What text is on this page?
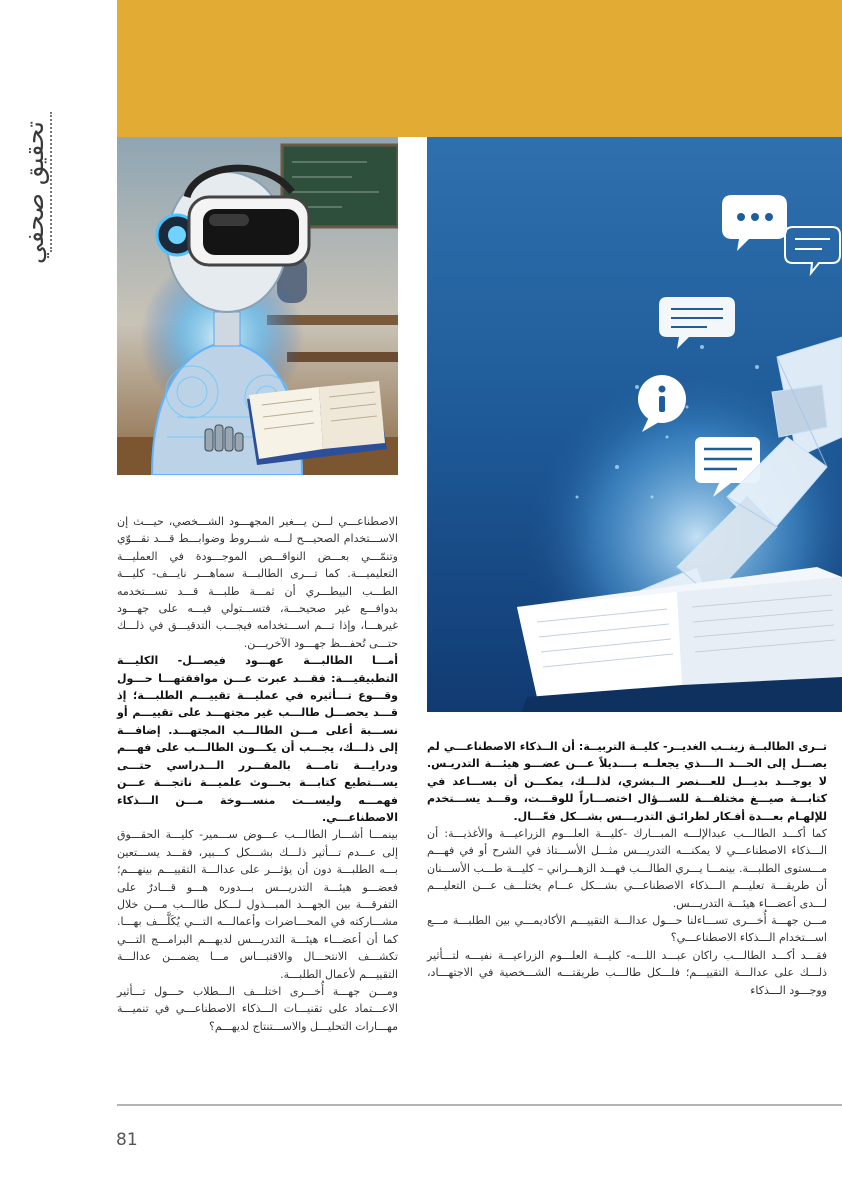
تحقيق صحفي

تــرى الطالبــة زينــب الغديــر- كليــة التربيــة: أن الــذكاء الاصطناعـــي لم يصـــل إلى الحـــد الــــذي يجعلــه بــــديلاً عـــن عضـــو هيئـــة التدريـس. لا يوجـــد بديـــل للعـــنصر الــبشري، لذلـــك، يمكـــن أن يســـاعد في كتابـــة صيـــغ مختلفـــة للســـؤال اختصـــاراً للوقـــت، وقـــد يســـتخدم للإلهـام بعـــدة أفـكار لطرائـق التدريـــس بشـــكل فعّـــال.

كما أكـــد الطالـــب عبدالإلـــه المبـــارك -كليـــة العلـــوم الزراعيـــة والأغذيـــة: أن الـــذكاء الاصطناعـــي لا يمكنـــه التدريـــس مثـــل الأســـتاذ في الشرح أو في فهـــم مـــستوى الطلبـــة. بينمـــا يـــري الطالـــب فهـــد الزهـــراني – كليـــة طـــب الأســـنان أن طريقـــة تعليـــم الـــذكاء الاصطناعـــي بشـــكل عـــام يختلـــف عـــن التعليـــم لـــدى أعضـــاء هيئـــة التدريـــس.

مـــن جهـــة أُخـــرى تســـاءلنا حـــول عدالـــة التقييـــم الأكاديمـــي بين الطلبـــة مـــع اســـتخدام الـــذكاء الاصطناعـــي؟

فقـــد أكـــد الطالـــب راكان عبـــد اللـــه- كليـــة العلـــوم الزراعيـــة نفيـــه لتـــأثير ذلـــك على عدالـــة التقييـــم؛ فلـــكل طالـــب طريقتـــه الشـــخصية في الاجتهـــاد، ووجـــود الـــذكاء

الاصطناعـــي لـــن يـــغير المجهـــود الشـــخصي، حيـــث إن الاســـتخدام الصحيـــح لـــه شـــروط وضوابـــط قـــد تقـــوّي وتنمّـــي بعـــض النواقـــص الموجـــودة في العمليـــة التعليميـــة. كما تـــرى الطالبـــة سماهـــر نايـــف- كليـــة الطـــب البيطـــري أن ثمـــة طلبـــة قـــد تســـتخدمه بدوافـــع غير صحيحـــة، فتســـتولي فيـــه على جهـــود غيرهـــا، وإذا تـــم اســـتخدامه فيجـــب التدقيـــق في ذلـــك حتـــى تُحفـــظ جهـــود الآخريـــن.

أمـــا الطالبـــة عهـــود فيصـــل- الكليـــة التطبيقيـــة: فقـــد عبرت عـــن موافقتهـــا حـــول وقـــوع تـــأثيره في عمليـــة تقييـــم الطلبـــة؛ إذ قـــد يحصـــل طالـــب غير مجتهـــد على تقييـــم أو نســـبة أعلى مـــن الطالـــب المجتهـــد. إضافـــة إلى ذلـــك، يجـــب أن يكـــون الطالـــب على فهـــم ودرايـــة تامـــة بالمقـــرر الـــدراسي حتـــى يســـتطيع كتابـــة بحـــوث علميـــة ناتجـــة عـــن فهمـــه وليســـت منســـوخة مـــن الـــذكاء الاصطناعـــي.

بينمـــا أشـــار الطالـــب عـــوض ســـمير- كليـــة الحقـــوق إلى عـــدم تـــأثير ذلـــك بشـــكل كـــبير، فقـــد يســـتعين بـــه الطلبـــة دون أن يؤثـــر على عدالـــة التقييـــم بينهـــم؛ فعضـــو هيئـــة التدريـــس بـــدوره هـــو قـــادرٌ على التفرقـــة بين الجهـــد المبـــذول لـــكل طالـــب مـــن خلال مشـــاركته في المحـــاضرات وأعمالـــه التـــي يُكَلَّـــف بهـــا. كما أن أعضـــاء هيئـــة التدريـــس لديهـــم البرامـــج التـــي تكشـــف الانتحـــال والاقتبـــاس مـــا يضمـــن عدالـــة التقييـــم لأعمال الطلبـــة.

ومـــن جهـــة أُخـــرى اختلـــف الـــطلاب حـــول تـــأثير الاعـــتماد على تقنيـــات الـــذكاء الاصطناعـــي في تنميـــة مهـــارات التحليـــل والاســـتنتاج لديهـــم؟

81
